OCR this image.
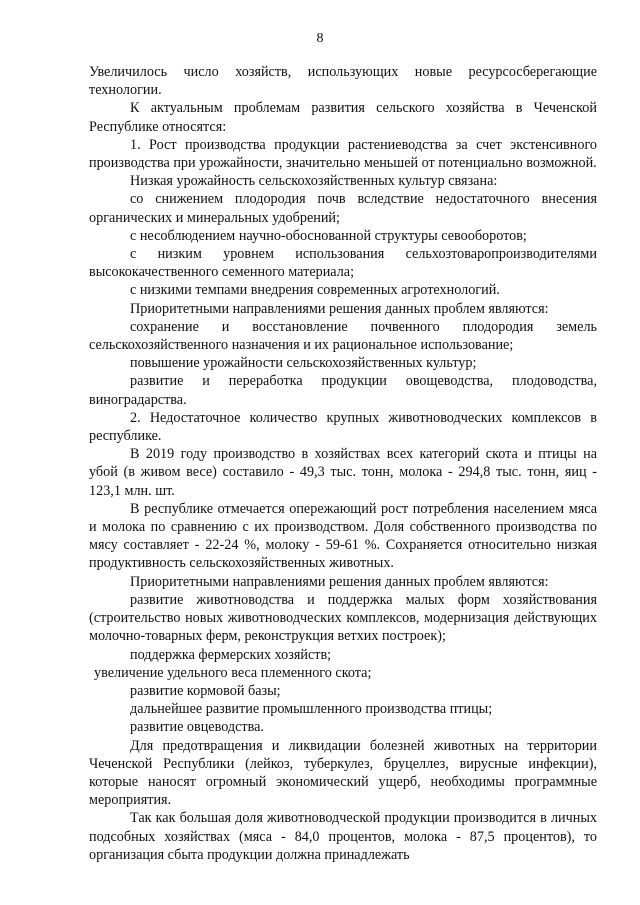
8

Увеличилось число хозяйств, использующих новые ресурсосберегающие технологии.

К актуальным проблемам развития сельского хозяйства в Чеченской Республике относятся:

1. Рост производства продукции растениеводства за счет экстенсивного производства при урожайности, значительно меньшей от потенциально возможной.

Низкая урожайность сельскохозяйственных культур связана:

со снижением плодородия почв вследствие недостаточного внесения органических и минеральных удобрений;

с несоблюдением научно-обоснованной структуры севооборотов;

с низким уровнем использования сельхозтоваропроизводителями высококачественного семенного материала;

с низкими темпами внедрения современных агротехнологий.

Приоритетными направлениями решения данных проблем являются:

сохранение и восстановление почвенного плодородия земель сельскохозяйственного назначения и их рациональное использование;

повышение урожайности сельскохозяйственных культур;

развитие и переработка продукции овощеводства, плодоводства, виноградарства.

2. Недостаточное количество крупных животноводческих комплексов в республике.

В 2019 году производство в хозяйствах всех категорий скота и птицы на убой (в живом весе) составило - 49,3 тыс. тонн, молока - 294,8 тыс. тонн, яиц - 123,1 млн. шт.

В республике отмечается опережающий рост потребления населением мяса и молока по сравнению с их производством. Доля собственного производства по мясу составляет - 22-24 %, молоку - 59-61 %. Сохраняется относительно низкая продуктивность сельскохозяйственных животных.

Приоритетными направлениями решения данных проблем являются:

развитие животноводства и поддержка малых форм хозяйствования (строительство новых животноводческих комплексов, модернизация действующих молочно-товарных ферм, реконструкция ветхих построек);

поддержка фермерских хозяйств;

увеличение удельного веса племенного скота;

развитие кормовой базы;

дальнейшее развитие промышленного производства птицы;

развитие овцеводства.

Для предотвращения и ликвидации болезней животных на территории Чеченской Республики (лейкоз, туберкулез, бруцеллез, вирусные инфекции), которые наносят огромный экономический ущерб, необходимы программные мероприятия.

Так как большая доля животноводческой продукции производится в личных подсобных хозяйствах (мяса - 84,0 процентов, молока - 87,5 процентов), то организация сбыта продукции должна принадлежать
